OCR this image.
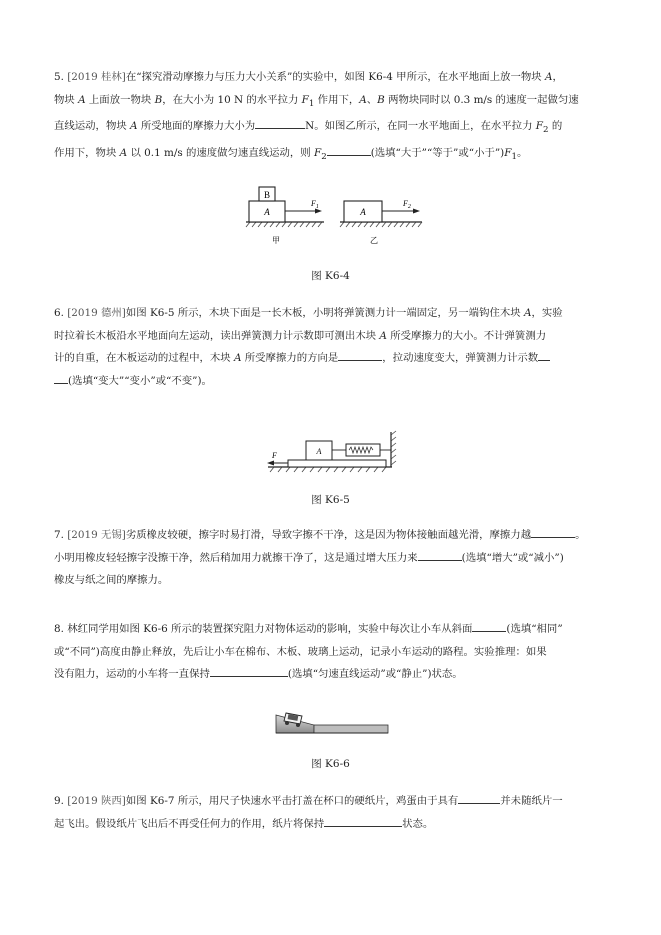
5. [2019 桂林]在“探究滑动摩擦力与压力大小关系”的实验中，如图 K6-4 甲所示，在水平地面上放一物块 A，

物块 A 上面放一物块 B，在大小为 10 N 的水平拉力 $F_1$ 作用下，A、B 两物块同时以 0.3 m/s 的速度一起做匀速

直线运动，物块 A 所受地面的摩擦力大小为	N。如图乙所示，在同一水平地面上，在水平拉力 $F_2$ 的

作用下，物块 A 以 0.1 m/s 的速度做匀速直线运动，则 $F_2$	(选填“大于”“等于”或“小于$”)F_1$。

B
A
$F_1$
甲
A
$F_2$
乙
图 K6-4

6. [2019 德州]如图 K6-5 所示，木块下面是一长木板，小明将弹簧测力计一端固定，另一端钩住木块 A，实验

时拉着长木板沿水平地面向左运动，读出弹簧测力计示数即可测出木块 A 所受摩擦力的大小。不计弹簧测力

计的自重，在木板运动的过程中，木块 A 所受摩擦力的方向是	，拉动速度变大，弹簧测力计示数

(选填“变大”“变小”或“不变”)。

A
F
图 K6-5

7. [2019 无锡]劣质橡皮较硬，擦字时易打滑，导致字擦不干净，这是因为物体接触面越光滑，摩擦力越	。

小明用橡皮轻轻擦字没擦干净，然后稍加用力就擦干净了，这是通过增大压力来	(选填“增大”或“减小”)

橡皮与纸之间的摩擦力。

8. 林红同学用如图 K6-6 所示的装置探究阻力对物体运动的影响，实验中每次让小车从斜面	(选填“相同”

或“不同”)高度由静止释放，先后让小车在棉布、木板、玻璃上运动，记录小车运动的路程。实验推理：如果

没有阻力，运动的小车将一直保持	(选填“匀速直线运动”或“静止”)状态。

图 K6-6

9. [2019 陕西]如图 K6-7 所示，用尺子快速水平击打盖在杯口的硬纸片，鸡蛋由于具有	并未随纸片一

起飞出。假设纸片飞出后不再受任何力的作用，纸片将保持	状态。
